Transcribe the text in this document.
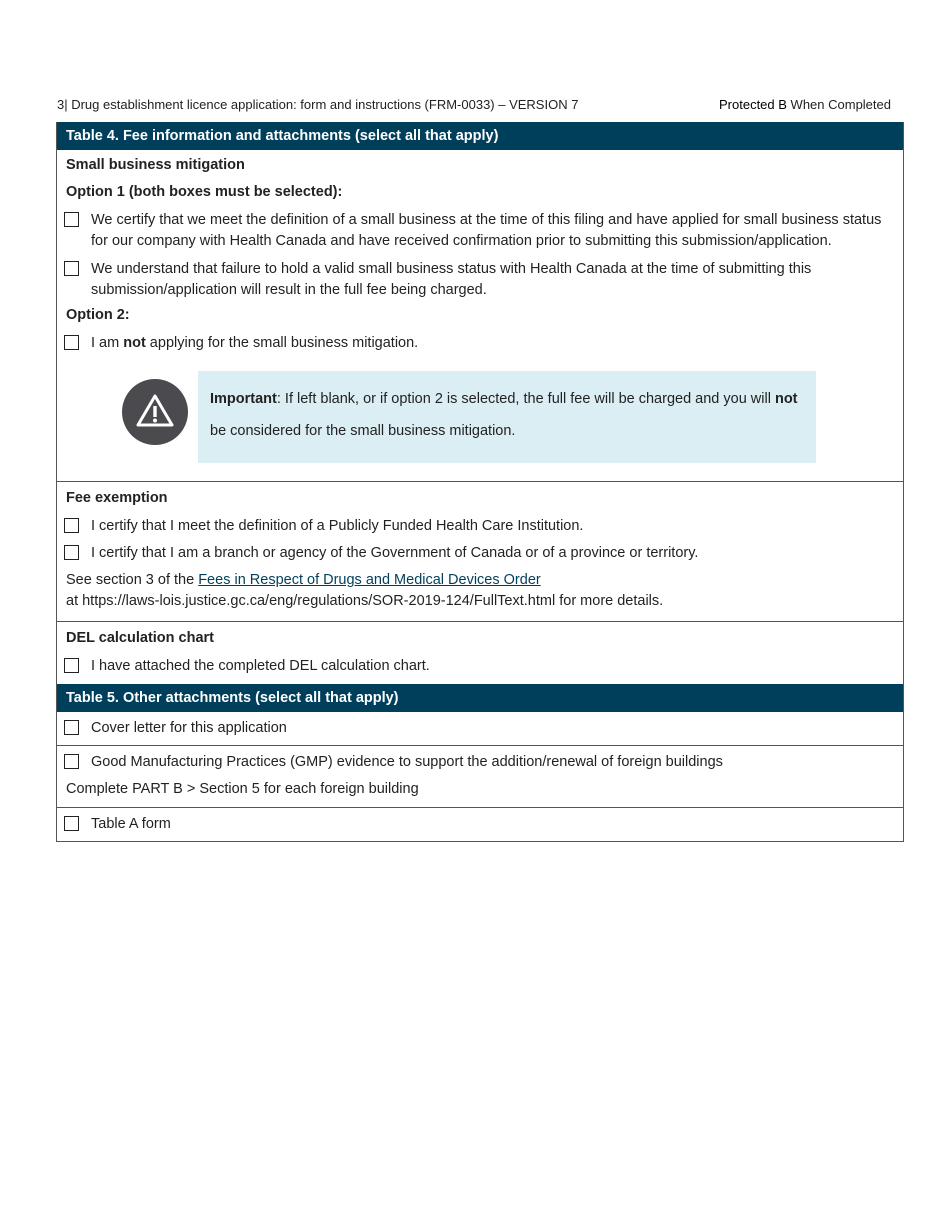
3| Drug establishment licence application: form and instructions (FRM-0033) – VERSION 7	Protected B When Completed
Table 4. Fee information and attachments (select all that apply)
Small business mitigation
Option 1 (both boxes must be selected):
We certify that we meet the definition of a small business at the time of this filing and have applied for small business status for our company with Health Canada and have received confirmation prior to submitting this submission/application.
We understand that failure to hold a valid small business status with Health Canada at the time of submitting this submission/application will result in the full fee being charged.
Option 2:
I am not applying for the small business mitigation.
Important: If left blank, or if option 2 is selected, the full fee will be charged and you will not be considered for the small business mitigation.
Fee exemption
I certify that I meet the definition of a Publicly Funded Health Care Institution.
I certify that I am a branch or agency of the Government of Canada or of a province or territory.
See section 3 of the Fees in Respect of Drugs and Medical Devices Order
at https://laws-lois.justice.gc.ca/eng/regulations/SOR-2019-124/FullText.html for more details.
DEL calculation chart
I have attached the completed DEL calculation chart.
Table 5. Other attachments (select all that apply)
Cover letter for this application
Good Manufacturing Practices (GMP) evidence to support the addition/renewal of foreign buildings
Complete PART B > Section 5 for each foreign building
Table A form
